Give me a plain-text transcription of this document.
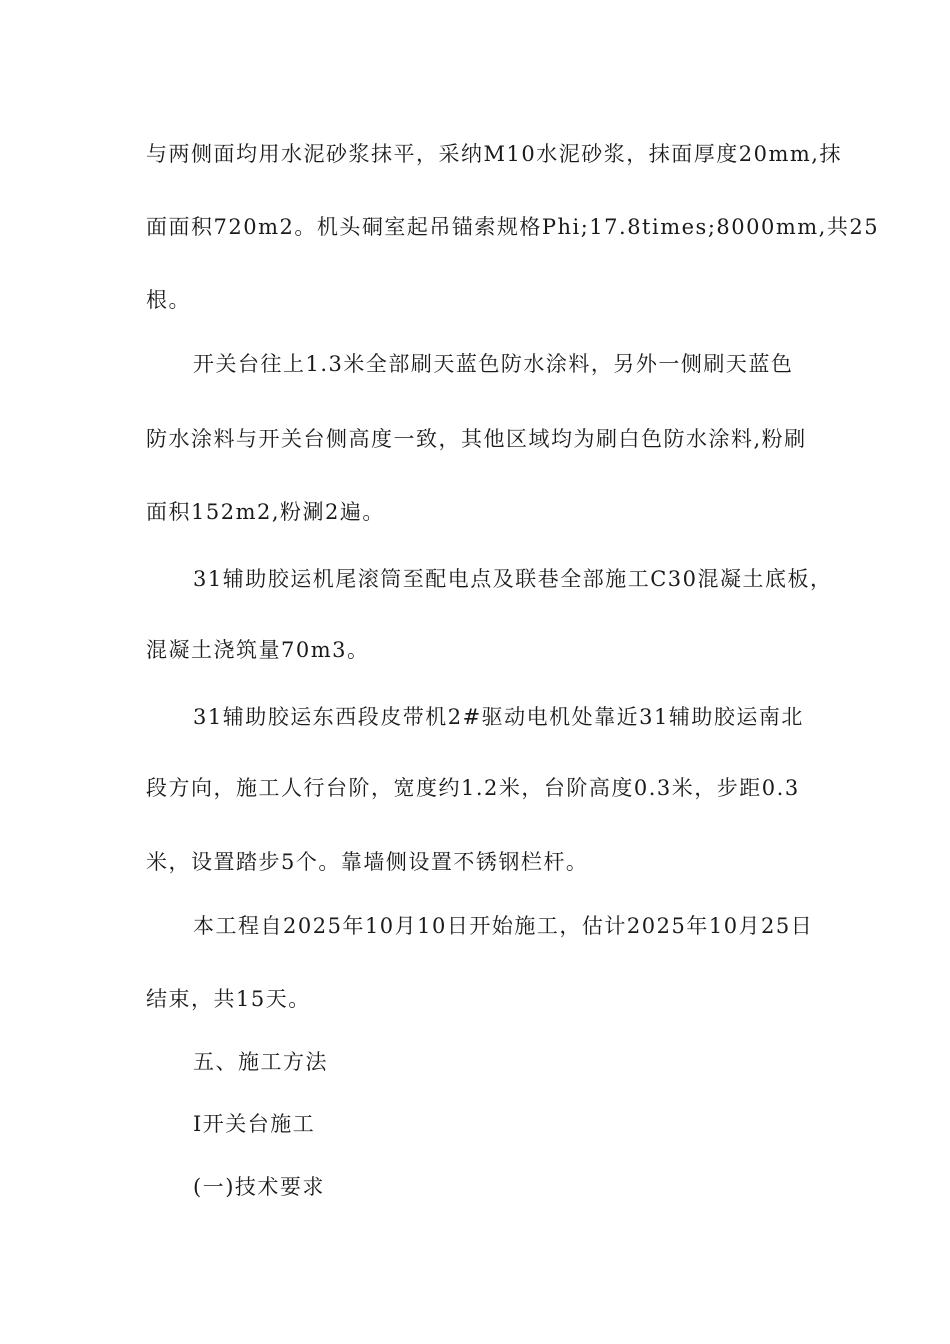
与两侧面均用水泥砂浆抹平，采纳M10水泥砂浆，抹面厚度20mm,抹

面面积720m2。机头硐室起吊锚索规格Phi;17.8times;8000mm,共25

根。

开关台往上1.3米全部刷天蓝色防水涂料，另外一侧刷天蓝色

防水涂料与开关台侧高度一致，其他区域均为刷白色防水涂料,粉刷

面积152m2,粉涮2遍。

31辅助胶运机尾滚筒至配电点及联巷全部施工C30混凝土底板，

混凝土浇筑量70m3。

31辅助胶运东西段皮带机2#驱动电机处靠近31辅助胶运南北

段方向，施工人行台阶，宽度约1.2米，台阶高度0.3米，步距0.3

米，设置踏步5个。靠墙侧设置不锈钢栏杆。

本工程自2025年10月10日开始施工，估计2025年10月25日

结束，共15天。

五、施工方法

Ⅰ开关台施工

(一)技术要求
